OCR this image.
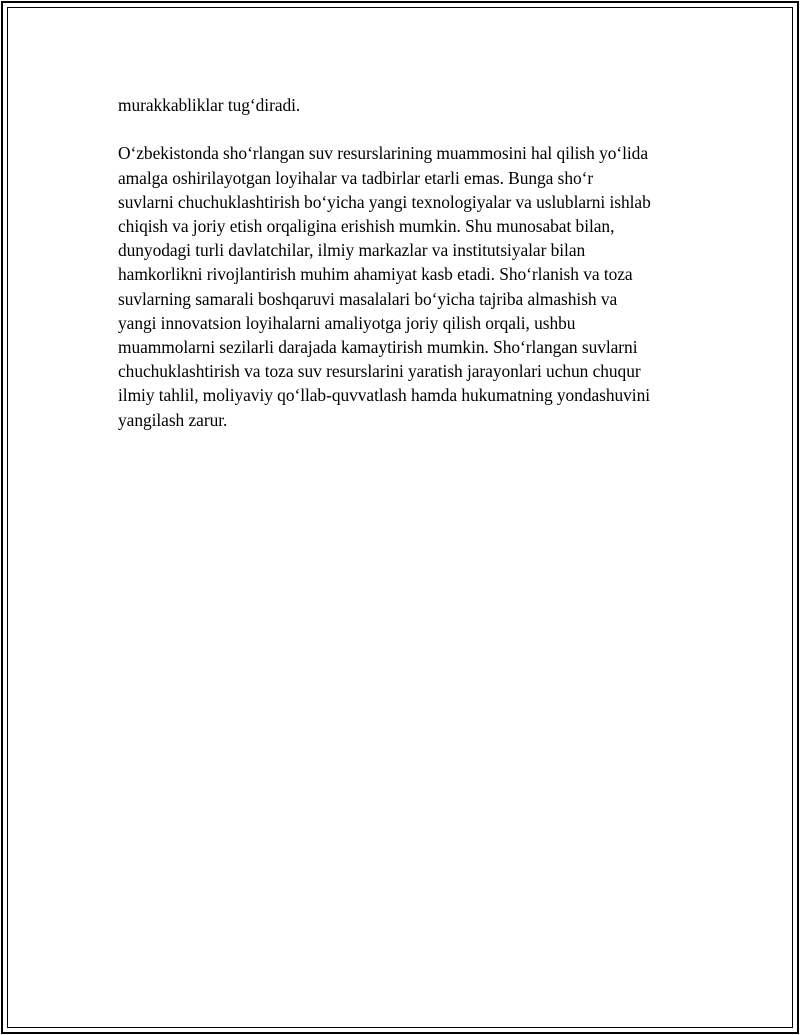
murakkabliklar tug‘diradi.

O‘zbekistonda sho‘rlangan suv resurslarining muammosini hal qilish yo‘lida
amalga oshirilayotgan loyihalar va tadbirlar etarli emas. Bunga sho‘r
suvlarni chuchuklashtirish bo‘yicha yangi texnologiyalar va uslublarni ishlab
chiqish va joriy etish orqaligina erishish mumkin. Shu munosabat bilan,
dunyodagi turli davlatchilar, ilmiy markazlar va institutsiyalar bilan
hamkorlikni rivojlantirish muhim ahamiyat kasb etadi. Sho‘rlanish va toza
suvlarning samarali boshqaruvi masalalari bo‘yicha tajriba almashish va
yangi innovatsion loyihalarni amaliyotga joriy qilish orqali, ushbu
muammolarni sezilarli darajada kamaytirish mumkin. Sho‘rlangan suvlarni
chuchuklashtirish va toza suv resurslarini yaratish jarayonlari uchun chuqur
ilmiy tahlil, moliyaviy qo‘llab-quvvatlash hamda hukumatning yondashuvini
yangilash zarur.
